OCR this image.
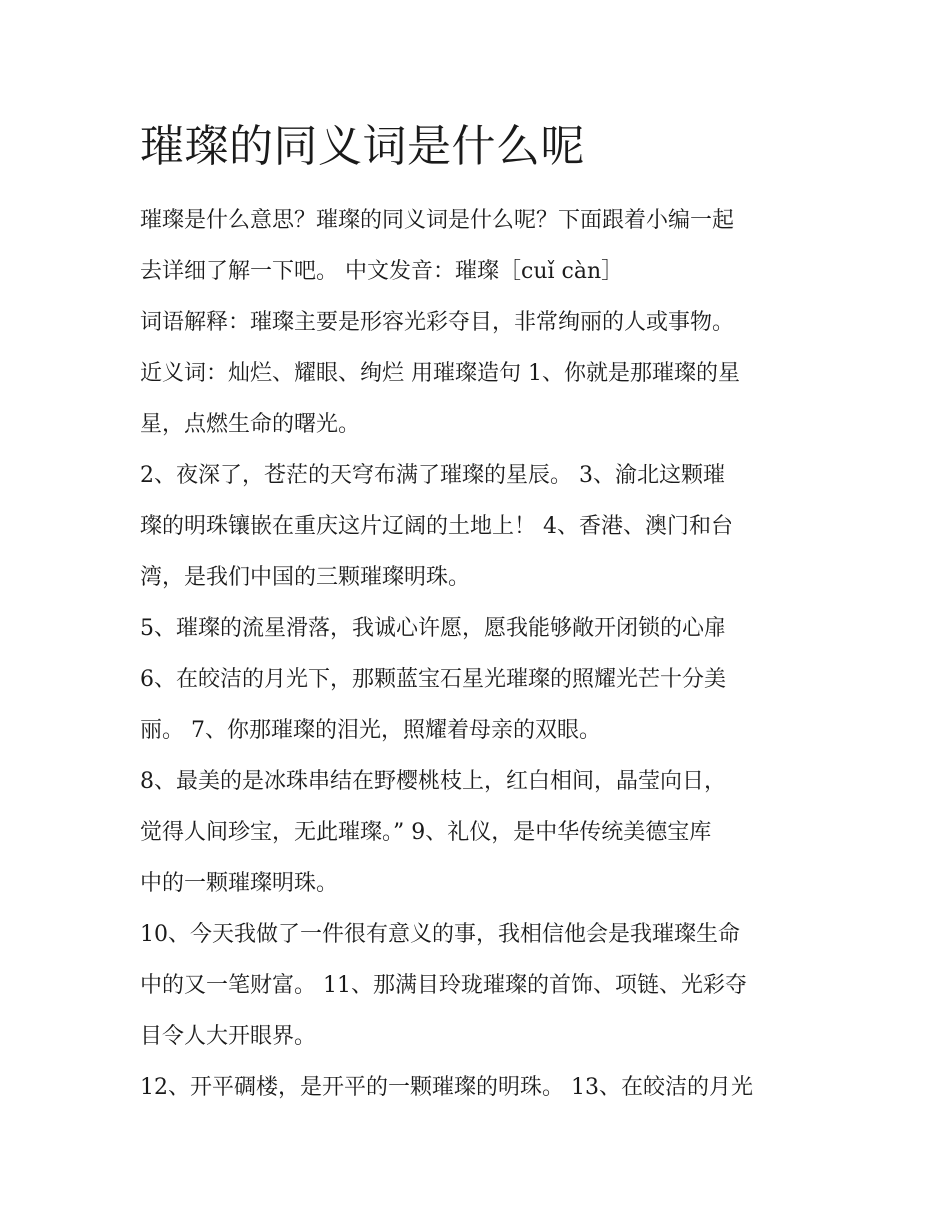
璀璨的同义词是什么呢

璀璨是什么意思？璀璨的同义词是什么呢？下面跟着小编一起

去详细了解一下吧。 中文发音：璀璨［cuǐ càn］

词语解释：璀璨主要是形容光彩夺目，非常绚丽的人或事物。

近义词：灿烂、耀眼、绚烂 用璀璨造句 1、你就是那璀璨的星

星，点燃生命的曙光。

2、夜深了，苍茫的天穹布满了璀璨的星辰。 3、渝北这颗璀

璨的明珠镶嵌在重庆这片辽阔的土地上！ 4、香港、澳门和台

湾，是我们中国的三颗璀璨明珠。

5、璀璨的流星滑落，我诚心许愿，愿我能够敞开闭锁的心扉

6、在皎洁的月光下，那颗蓝宝石星光璀璨的照耀光芒十分美

丽。 7、你那璀璨的泪光，照耀着母亲的双眼。

8、最美的是冰珠串结在野樱桃枝上，红白相间，晶莹向日，

觉得人间珍宝，无此璀璨。” 9、礼仪，是中华传统美德宝库

中的一颗璀璨明珠。

10、今天我做了一件很有意义的事，我相信他会是我璀璨生命

中的又一笔财富。 11、那满目玲珑璀璨的首饰、项链、光彩夺

目令人大开眼界。

12、开平碉楼，是开平的一颗璀璨的明珠。 13、在皎洁的月光
